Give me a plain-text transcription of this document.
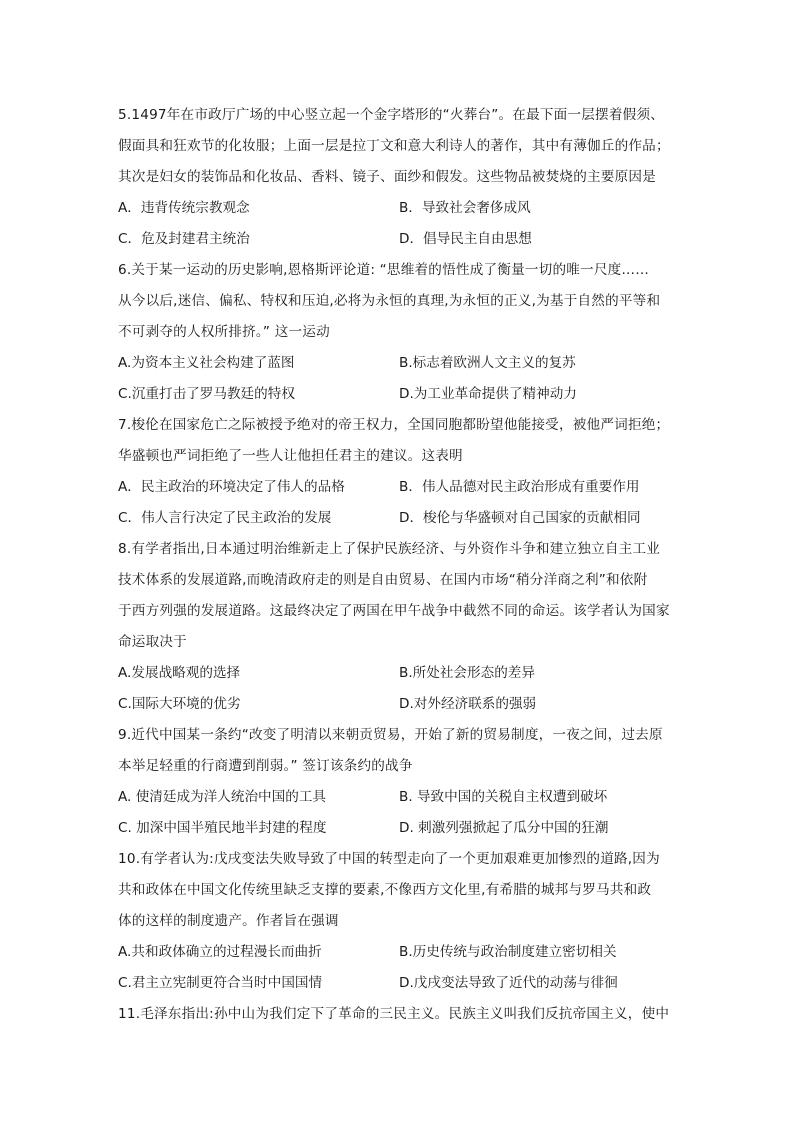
5.1497年在市政厅广场的中心竖立起一个金字塔形的“火葬台”。在最下面一层摆着假须、
假面具和狂欢节的化妆服；上面一层是拉丁文和意大利诗人的著作，其中有薄伽丘的作品；
其次是妇女的装饰品和化妆品、香料、镜子、面纱和假发。这些物品被焚烧的主要原因是
A．违背传统宗教观念	B．导致社会奢侈成风
C．危及封建君主统治	D．倡导民主自由思想
6.关于某一运动的历史影响,恩格斯评论道: “思维着的悟性成了衡量一切的唯一尺度……
从今以后,迷信、偏私、特权和压迫,必将为永恒的真理,为永恒的正义,为基于自然的平等和
不可剥夺的人权所排挤。” 这一运动
A.为资本主义社会构建了蓝图	B.标志着欧洲人文主义的复苏
C.沉重打击了罗马教廷的特权	D.为工业革命提供了精神动力
7.梭伦在国家危亡之际被授予绝对的帝王权力，全国同胞都盼望他能接受，被他严词拒绝；
华盛顿也严词拒绝了一些人让他担任君主的建议。这表明
A．民主政治的环境决定了伟人的品格	B．伟人品德对民主政治形成有重要作用
C．伟人言行决定了民主政治的发展	D．梭伦与华盛顿对自己国家的贡献相同
8.有学者指出,日本通过明治维新走上了保护民族经济、与外资作斗争和建立独立自主工业
技术体系的发展道路,而晚清政府走的则是自由贸易、在国内市场“稍分洋商之利”和依附
于西方列强的发展道路。这最终决定了两国在甲午战争中截然不同的命运。该学者认为国家
命运取决于
A.发展战略观的选择	B.所处社会形态的差异
C.国际大环境的优劣	D.对外经济联系的强弱
9.近代中国某一条约“改变了明清以来朝贡贸易，开始了新的贸易制度，一夜之间，过去原
本举足轻重的行商遭到削弱。” 签订该条约的战争
A. 使清廷成为洋人统治中国的工具	B. 导致中国的关税自主权遭到破坏
C. 加深中国半殖民地半封建的程度	D. 刺激列强掀起了瓜分中国的狂潮
10.有学者认为:戊戌变法失败导致了中国的转型走向了一个更加艰难更加惨烈的道路,因为
共和政体在中国文化传统里缺乏支撑的要素,不像西方文化里,有希腊的城邦与罗马共和政
体的这样的制度遗产。作者旨在强调
A.共和政体确立的过程漫长而曲折	B.历史传统与政治制度建立密切相关
C.君主立宪制更符合当时中国国情	D.戊戌变法导致了近代的动荡与徘徊
11.毛泽东指出:孙中山为我们定下了革命的三民主义。民族主义叫我们反抗帝国主义，使中
